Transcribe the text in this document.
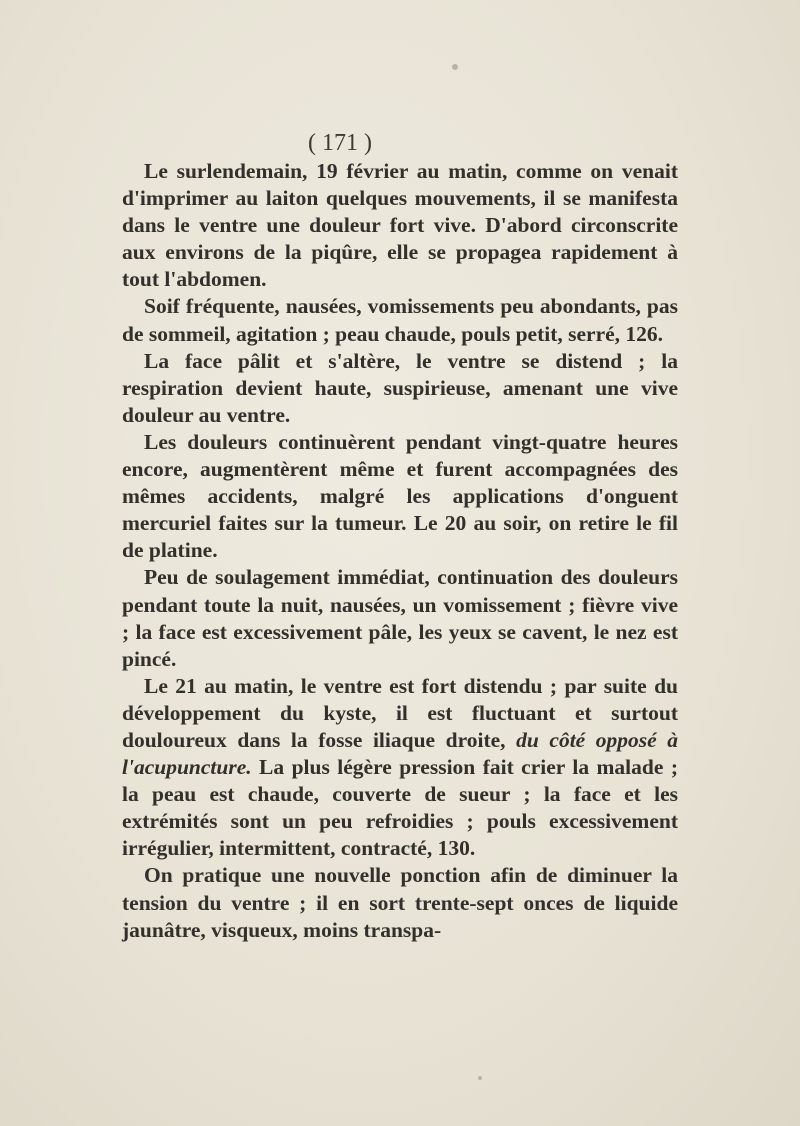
( 171 )

Le surlendemain, 19 février au matin, comme on venait d'imprimer au laiton quelques mouvements, il se manifesta dans le ventre une douleur fort vive. D'abord circonscrite aux environs de la piqûre, elle se propagea rapidement à tout l'abdomen.

Soif fréquente, nausées, vomissements peu abondants, pas de sommeil, agitation ; peau chaude, pouls petit, serré, 126.

La face pâlit et s'altère, le ventre se distend ; la respiration devient haute, suspirieuse, amenant une vive douleur au ventre.

Les douleurs continuèrent pendant vingt-quatre heures encore, augmentèrent même et furent accompagnées des mêmes accidents, malgré les applications d'onguent mercuriel faites sur la tumeur. Le 20 au soir, on retire le fil de platine.

Peu de soulagement immédiat, continuation des douleurs pendant toute la nuit, nausées, un vomissement ; fièvre vive ; la face est excessivement pâle, les yeux se cavent, le nez est pincé.

Le 21 au matin, le ventre est fort distendu ; par suite du développement du kyste, il est fluctuant et surtout douloureux dans la fosse iliaque droite, du côté opposé à l'acupuncture. La plus légère pression fait crier la malade ; la peau est chaude, couverte de sueur ; la face et les extrémités sont un peu refroidies ; pouls excessivement irrégulier, intermittent, contracté, 130.

On pratique une nouvelle ponction afin de diminuer la tension du ventre ; il en sort trente-sept onces de liquide jaunâtre, visqueux, moins transpa-
